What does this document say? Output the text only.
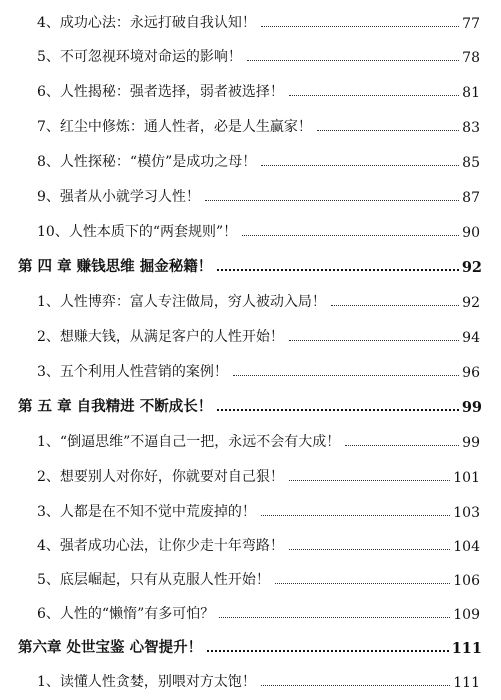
4、成功心法：永远打破自我认知！	77
5、不可忽视环境对命运的影响！	78
6、人性揭秘：强者选择，弱者被选择！	81
7、红尘中修炼：通人性者，必是人生赢家！	83
8、人性探秘：“模仿”是成功之母！	85
9、强者从小就学习人性！	87
10、人性本质下的“两套规则”！	90
第 四 章 赚钱思维 掘金秘籍！	92
1、人性博弈：富人专注做局，穷人被动入局！	92
2、想赚大钱，从满足客户的人性开始！	94
3、五个利用人性营销的案例！	96
第 五 章 自我精进 不断成长！	99
1、“倒逼思维”不逼自己一把，永远不会有大成！	99
2、想要别人对你好，你就要对自己狠！	101
3、人都是在不知不觉中荒废掉的！	103
4、强者成功心法，让你少走十年弯路！	104
5、底层崛起，只有从克服人性开始！	106
6、人性的“懒惰”有多可怕？	109
第六章 处世宝鉴 心智提升！	111
1、读懂人性贪婪，别喂对方太饱！	111
